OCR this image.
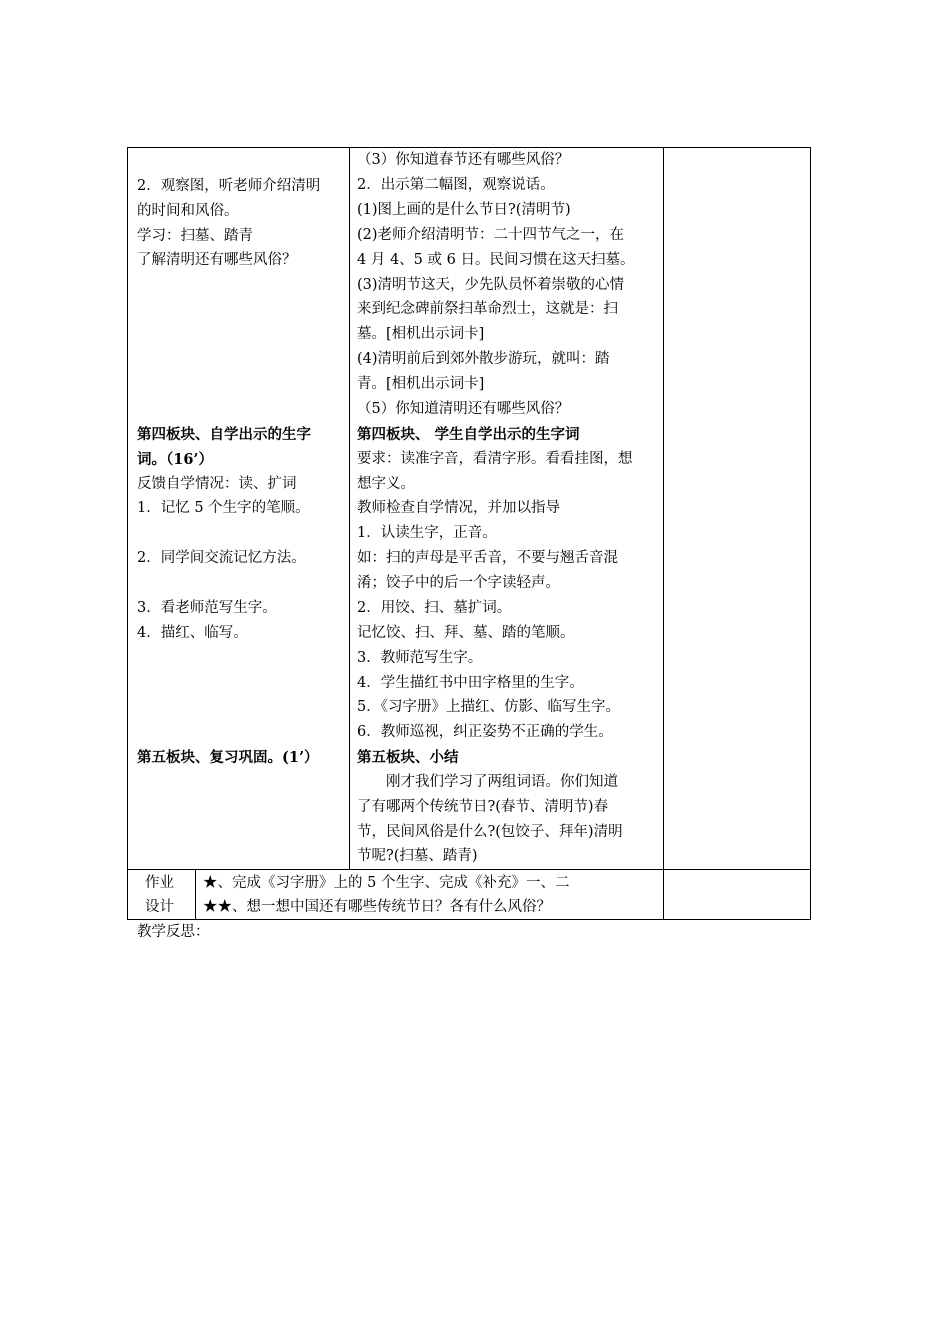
2．观察图，听老师介绍清明
的时间和风俗。
学习：扫墓、踏青
了解清明还有哪些风俗？
第四板块、自学出示的生字
词。（16’）
反馈自学情况：读、扩词
1．记忆 5 个生字的笔顺。
2．同学间交流记忆方法。
3．看老师范写生字。
4．描红、临写。
第五板块、复习巩固。(1’）
（3）你知道春节还有哪些风俗？
2．出示第二幅图，观察说话。
(1)图上画的是什么节日?(清明节)
(2)老师介绍清明节：二十四节气之一，在
4 月 4、5 或 6 日。民间习惯在这天扫墓。
(3)清明节这天，少先队员怀着崇敬的心情
来到纪念碑前祭扫革命烈士，这就是：扫
墓。[相机出示词卡]
(4)清明前后到郊外散步游玩，就叫：踏
青。[相机出示词卡]
（5）你知道清明还有哪些风俗？
第四板块、 学生自学出示的生字词
要求：读准字音，看清字形。看看挂图，想
想字义。
教师检查自学情况，并加以指导
1．认读生字，正音。
如：扫的声母是平舌音，不要与翘舌音混
淆；饺子中的后一个字读轻声。
2．用饺、扫、墓扩词。
记忆饺、扫、拜、墓、踏的笔顺。
3．教师范写生字。
4．学生描红书中田字格里的生字。
5．《习字册》上描红、仿影、临写生字。
6．教师巡视，纠正姿势不正确的学生。
第五板块、小结
刚才我们学习了两组词语。你们知道
了有哪两个传统节日?(春节、清明节)春
节，民间风俗是什么?(包饺子、拜年)清明
节呢?(扫墓、踏青)
作业
设计
★、完成《习字册》上的 5 个生字、完成《补充》一、二
★★、想一想中国还有哪些传统节日？各有什么风俗？
教学反思：
